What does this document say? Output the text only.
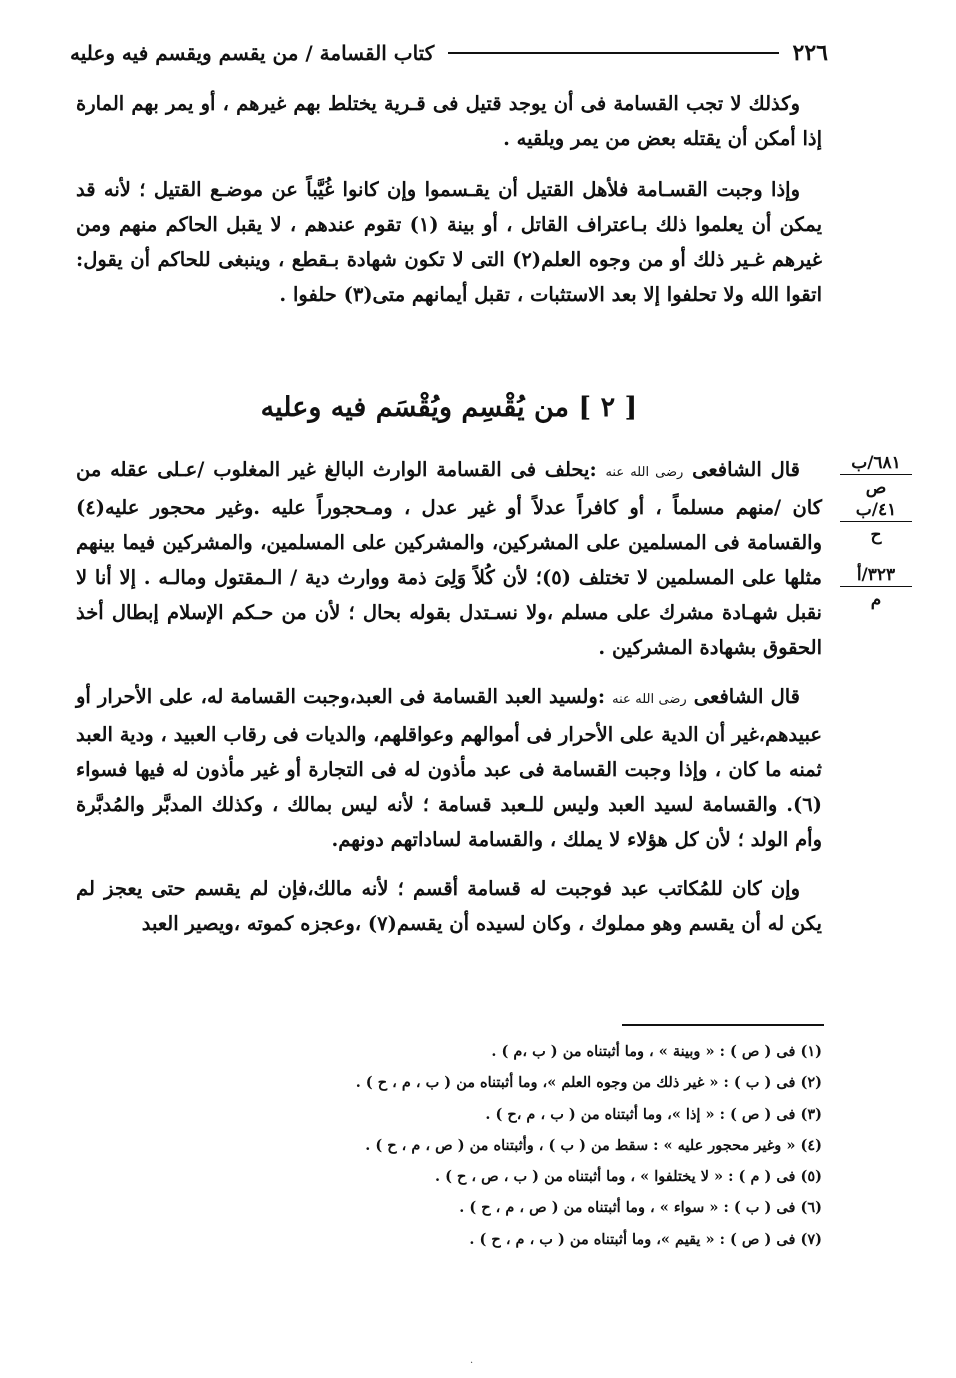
٢٢٦
كتاب القسامة / من يقسم ويقسم فيه وعليه

وكذلك لا تجب القسامة فى أن يوجد قتيل فى قـرية يختلط بهم غيرهم ، أو يمر بهم المارة إذا أمكن أن يقتله بعض من يمر ويلقيه .

وإذا وجبت القسـامة فلأهل القتيل أن يقـسموا وإن كانوا غُيَّباً عن موضـع القتيل ؛ لأنه قد يمكن أن يعلموا ذلك بـاعتراف القاتل ، أو بينة (١) تقوم عندهم ، لا يقبل الحاكم منهم ومن غيرهم غـير ذلك أو من وجوه العلم(٢) التى لا تكون شهادة بـقطع ، وينبغى للحاكم أن يقول: اتقوا الله ولا تحلفوا إلا بعد الاستثبات ، تقبل أيمانهم متى(٣) حلفوا .

[ ٢ ] من يُقْسِم ويُقْسَم فيه وعليه

قال الشافعى رضى الله عنه :يحلف فى القسامة الوارث البالغ غير المغلوب /عـلى عقله من كان /منهم مسلماً ، أو كافراً عدلاً أو غير عدل ، ومـحجوراً عليه .وغير محجور عليه(٤) والقسامة فى المسلمين على المشركين، والمشركين على المسلمين، والمشركين فيما بينهم مثلها على المسلمين لا تختلف (٥)؛ لأن كُلاً وَلِىَ ذمة ووارث دية / الـمقتول ومالـه . إلا أنا لا نقبل شهـادة مشرك على مسلم ،ولا نسـتدل بقوله بحال ؛ لأن من حـكم الإسلام إبطال أخذ الحقوق بشهادة المشركين .

قال الشافعى رضى الله عنه :ولسيد العبد القسامة فى العبد،وجبت القسامة له، على الأحرار أو عبيدهم،غير أن الدية على الأحرار فى أموالهم وعواقلهم، والديات فى رقاب العبيد ، ودية العبد ثمنه ما كان ، وإذا وجبت القسامة فى عبد مأذون له فى التجارة أو غير مأذون له فيها فسواء (٦). والقسامة لسيد العبد وليس للـعبد قسامة ؛ لأنه ليس بمالك ، وكذلك المدبَّر والمُدبَّرة وأم الولد ؛ لأن كل هؤلاء لا يملك ، والقسامة لساداتهم دونهم.

وإن كان للمُكاتب عبد فوجبت له قسامة أقسم ؛ لأنه مالك،فإن لم يقسم حتى يعجز لم يكن له أن يقسم وهو مملوك ، وكان لسيده أن يقسم(٧) ،وعجزه كموته ،ويصير العبد

٦٨١/ب
ص
٤١/ب
ح
٣٢٣/أ
م
(١) فى ( ص ) : « وبينة » ، وما أثبتناه من ( ب ،م ) .
(٢) فى ( ب ) : « غير ذلك من وجوه العلم »، وما أثبتناه من ( ب ، م ، ح ) .
(٣) فى ( ص ) : « إذا »، وما أثبتناه من ( ب ، م ،ح ) .
(٤) « وغير محجور عليه » : سقط من ( ب ) ، وأثبتناه من ( ص ، م ، ح ) .
(٥) فى ( م ) : « لا يختلفوا » ، وما أثبتناه من ( ب ، ص ، ح ) .
(٦) فى ( ب ) : « سواء » ، وما أثبتناه من ( ص ، م ، ح ) .
(٧) فى ( ص ) : « يقيم »، وما أثبتناه من ( ب ، م ، ح ) .
·
